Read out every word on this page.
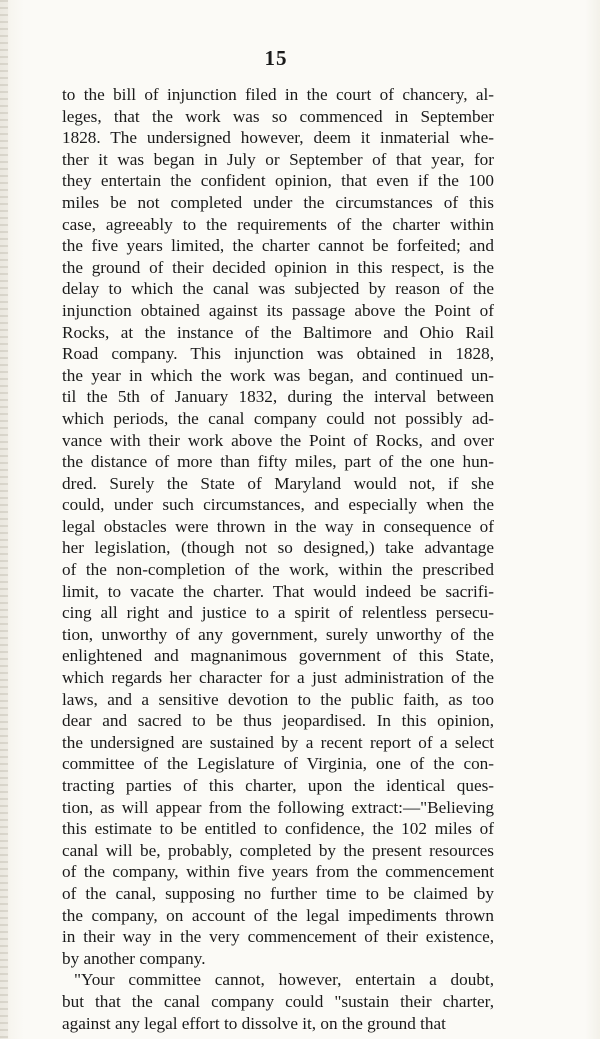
15
to the bill of injunction filed in the court of chancery, al-
leges, that the work was so commenced in September
1828. The undersigned however, deem it inmaterial whe-
ther it was began in July or September of that year, for
they entertain the confident opinion, that even if the 100
miles be not completed under the circumstances of this
case, agreeably to the requirements of the charter within
the five years limited, the charter cannot be forfeited; and
the ground of their decided opinion in this respect, is the
delay to which the canal was subjected by reason of the
injunction obtained against its passage above the Point of
Rocks, at the instance of the Baltimore and Ohio Rail
Road company. This injunction was obtained in 1828,
the year in which the work was began, and continued un-
til the 5th of January 1832, during the interval between
which periods, the canal company could not possibly ad-
vance with their work above the Point of Rocks, and over
the distance of more than fifty miles, part of the one hun-
dred. Surely the State of Maryland would not, if she
could, under such circumstances, and especially when the
legal obstacles were thrown in the way in consequence of
her legislation, (though not so designed,) take advantage
of the non-completion of the work, within the prescribed
limit, to vacate the charter. That would indeed be sacrifi-
cing all right and justice to a spirit of relentless persecu-
tion, unworthy of any government, surely unworthy of the
enlightened and magnanimous government of this State,
which regards her character for a just administration of the
laws, and a sensitive devotion to the public faith, as too
dear and sacred to be thus jeopardised. In this opinion,
the undersigned are sustained by a recent report of a select
committee of the Legislature of Virginia, one of the con-
tracting parties of this charter, upon the identical ques-
tion, as will appear from the following extract:—"Believing
this estimate to be entitled to confidence, the 102 miles of
canal will be, probably, completed by the present resources
of the company, within five years from the commencement
of the canal, supposing no further time to be claimed by
the company, on account of the legal impediments thrown
in their way in the very commencement of their existence,
by another company.
"Your committee cannot, however, entertain a doubt,
but that the canal company could "sustain their charter,
against any legal effort to dissolve it, on the ground that
